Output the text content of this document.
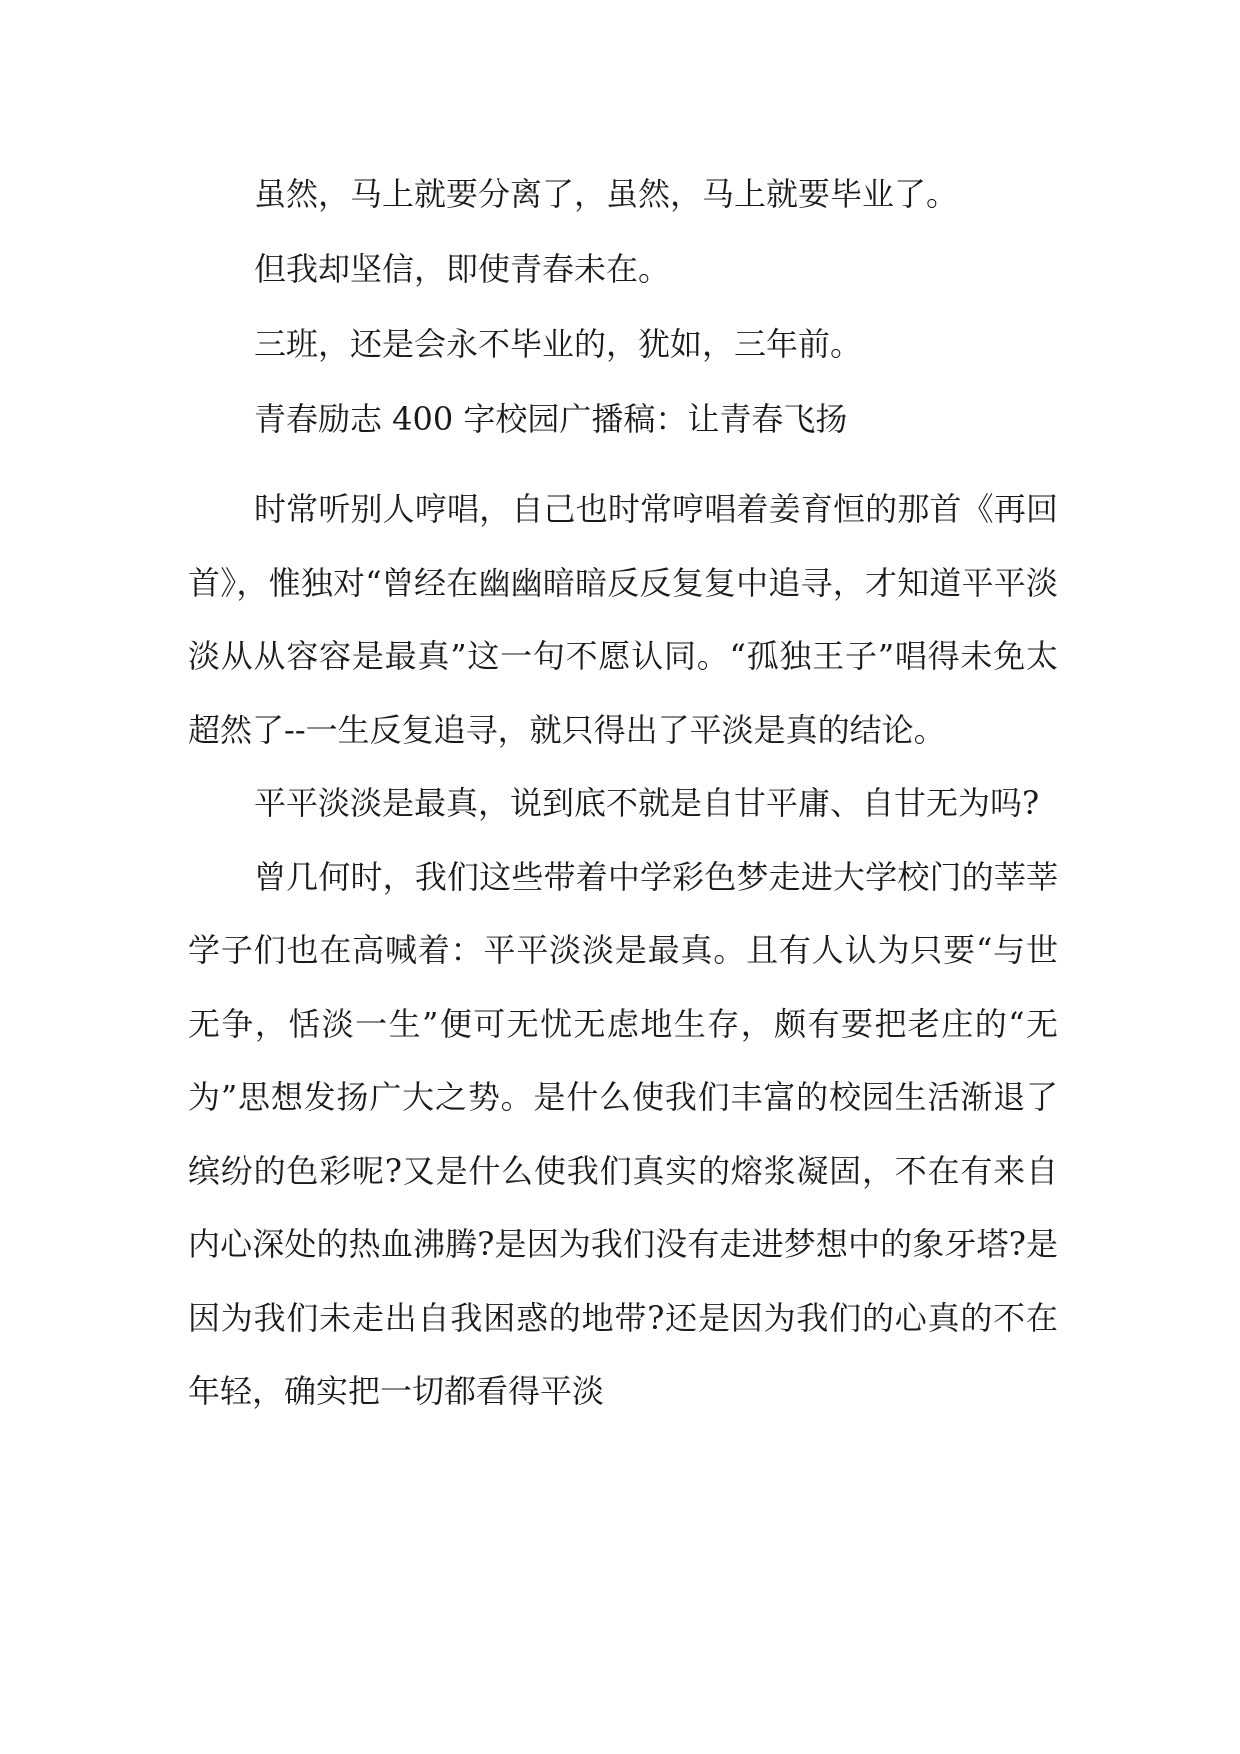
虽然，马上就要分离了，虽然，马上就要毕业了。

但我却坚信，即使青春未在。

三班，还是会永不毕业的，犹如，三年前。

青春励志 400 字校园广播稿：让青春飞扬

时常听别人哼唱，自己也时常哼唱着姜育恒的那首《再回首》，惟独对“曾经在幽幽暗暗反反复复中追寻，才知道平平淡淡从从容容是最真”这一句不愿认同。“孤独王子”唱得未免太超然了--一生反复追寻，就只得出了平淡是真的结论。

平平淡淡是最真，说到底不就是自甘平庸、自甘无为吗?

曾几何时，我们这些带着中学彩色梦走进大学校门的莘莘学子们也在高喊着：平平淡淡是最真。且有人认为只要“与世无争，恬淡一生”便可无忧无虑地生存，颇有要把老庄的“无为”思想发扬广大之势。是什么使我们丰富的校园生活渐退了缤纷的色彩呢?又是什么使我们真实的熔浆凝固，不在有来自内心深处的热血沸腾?是因为我们没有走进梦想中的象牙塔?是因为我们未走出自我困惑的地带?还是因为我们的心真的不在年轻，确实把一切都看得平淡
